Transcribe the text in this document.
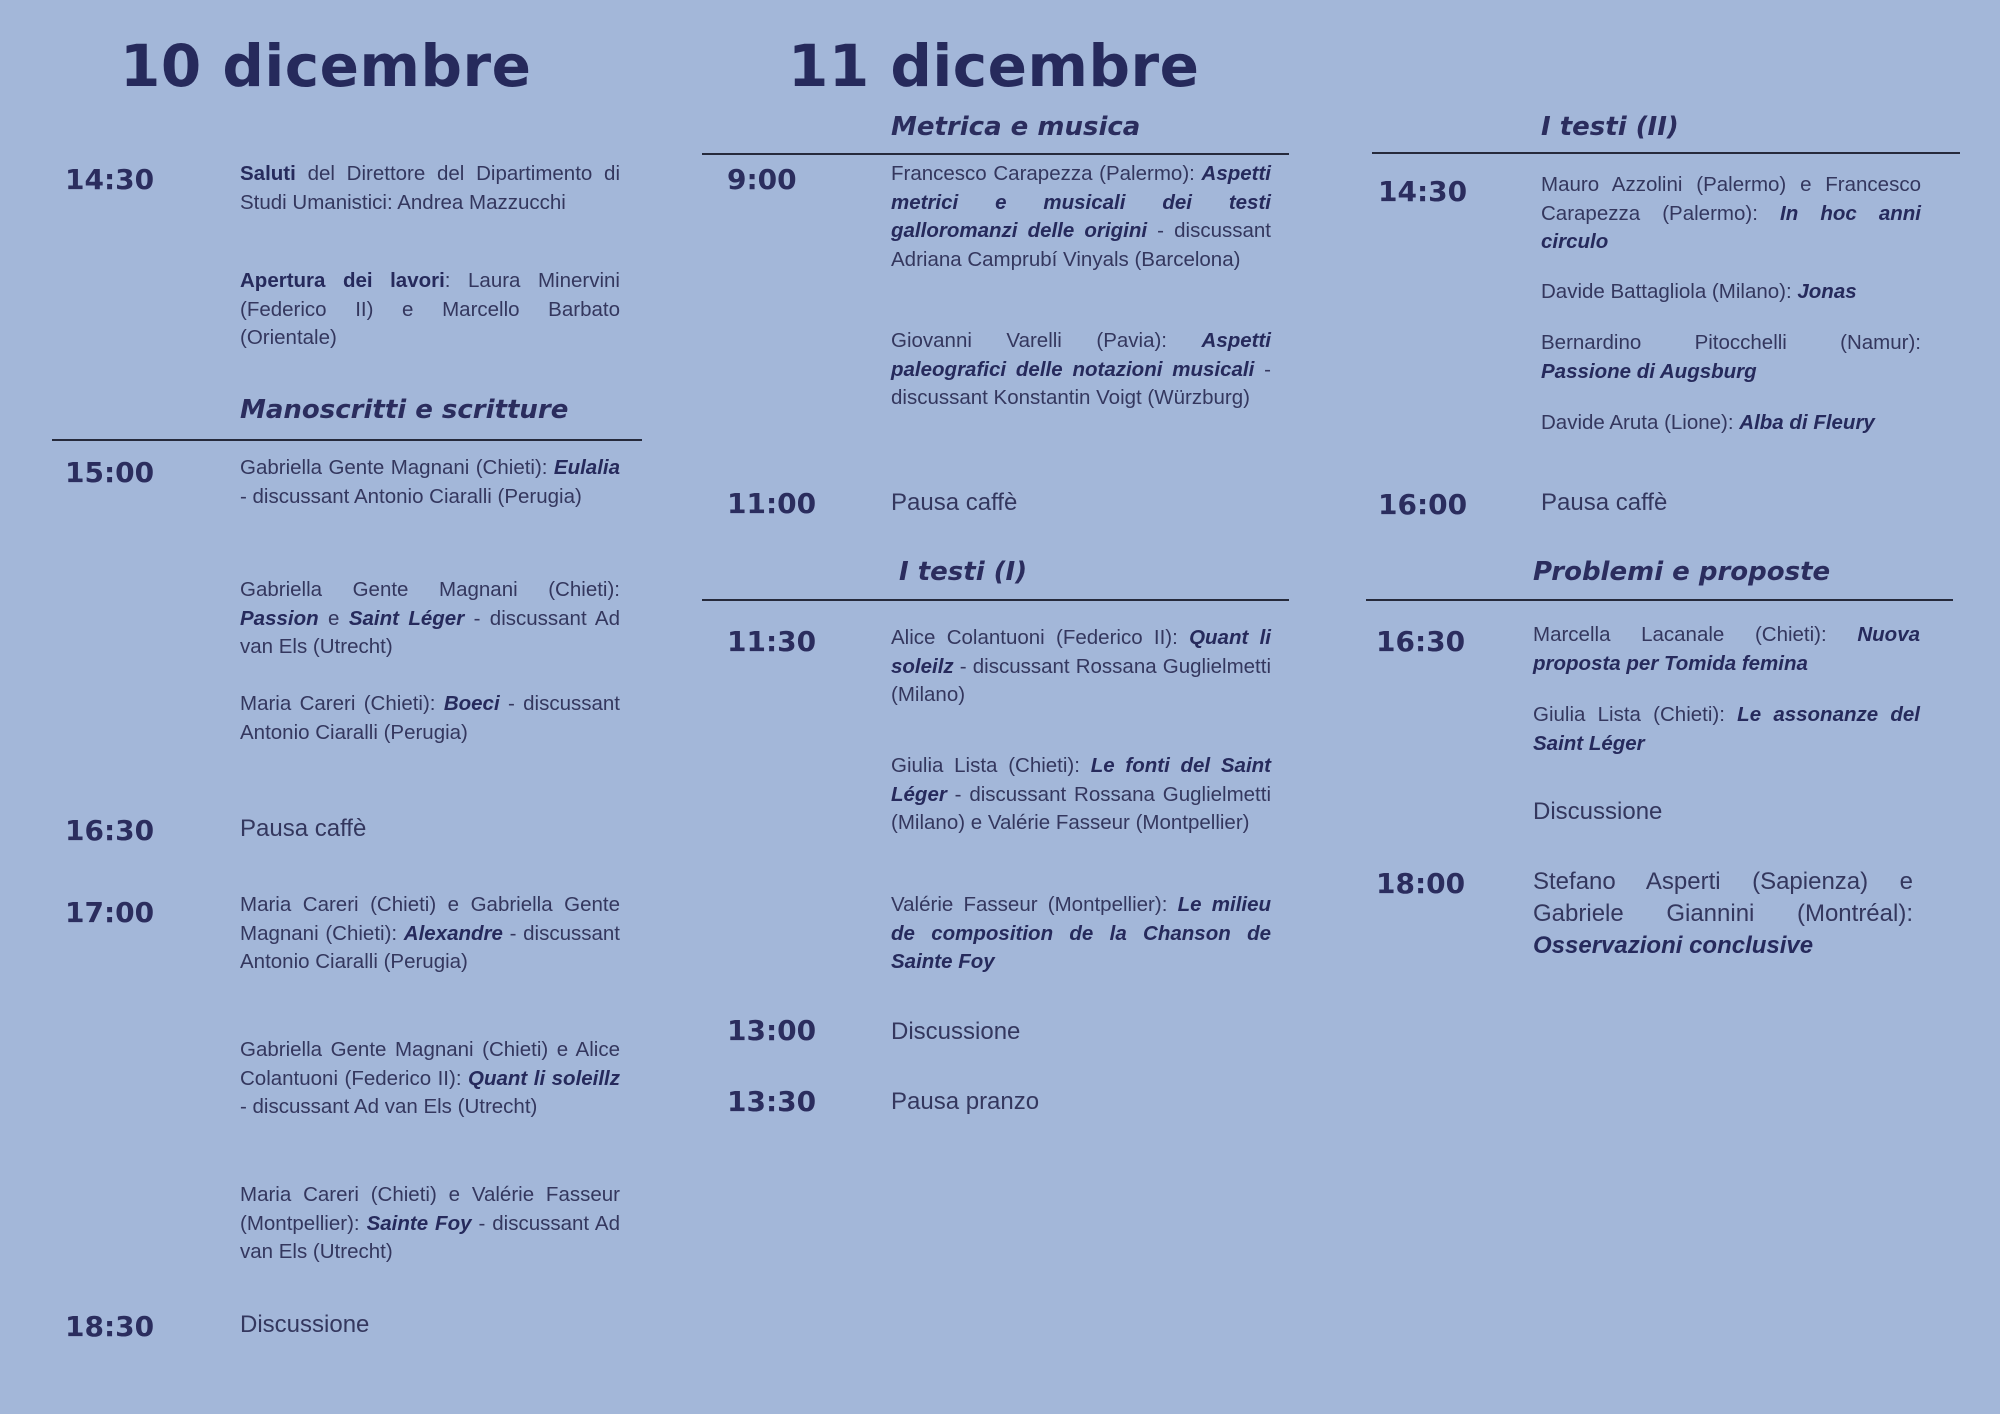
10 dicembre	11 dicembre
14:30	Saluti del Direttore del Dipartimento di Studi Umanistici: Andrea Mazzucchi

Apertura dei lavori: Laura Minervini (Federico II) e Marcello Barbato (Orientale)

Manoscritti e scritture
15:00	Gabriella Gente Magnani (Chieti): Eulalia - discussant Antonio Ciaralli (Perugia)

Gabriella Gente Magnani (Chieti): Passion e Saint Léger - discussant Ad van Els (Utrecht)

Maria Careri (Chieti): Boeci - discussant Antonio Ciaralli (Perugia)

16:30	Pausa caffè

17:00	Maria Careri (Chieti) e Gabriella Gente Magnani (Chieti): Alexandre - discussant Antonio Ciaralli (Perugia)

Gabriella Gente Magnani (Chieti) e Alice Colantuoni (Federico II): Quant li soleillz - discussant Ad van Els (Utrecht)

Maria Careri (Chieti) e Valérie Fasseur (Montpellier): Sainte Foy - discussant Ad van Els (Utrecht)

18:30	Discussione

Metrica e musica
9:00	Francesco Carapezza (Palermo): Aspetti metrici e musicali dei testi galloromanzi delle origini - discussant Adriana Camprubí Vinyals (Barcelona)

Giovanni Varelli (Pavia): Aspetti paleografici delle notazioni musicali - discussant Konstantin Voigt (Würzburg)

11:00	Pausa caffè

I testi (I)
11:30	Alice Colantuoni (Federico II): Quant li soleilz - discussant Rossana Guglielmetti (Milano)

Giulia Lista (Chieti): Le fonti del Saint Léger - discussant Rossana Guglielmetti (Milano) e Valérie Fasseur (Montpellier)

Valérie Fasseur (Montpellier): Le milieu de composition de la Chanson de Sainte Foy

13:00	Discussione

13:30	Pausa pranzo

I testi (II)
14:30	Mauro Azzolini (Palermo) e Francesco Carapezza (Palermo): In hoc anni circulo

Davide Battagliola (Milano): Jonas

Bernardino Pitocchelli (Namur): Passione di Augsburg

Davide Aruta (Lione): Alba di Fleury

16:00	Pausa caffè

Problemi e proposte
16:30	Marcella Lacanale (Chieti): Nuova proposta per Tomida femina

Giulia Lista (Chieti): Le assonanze del Saint Léger

Discussione

18:00	Stefano Asperti (Sapienza) e Gabriele Giannini (Montréal): Osservazioni conclusive
